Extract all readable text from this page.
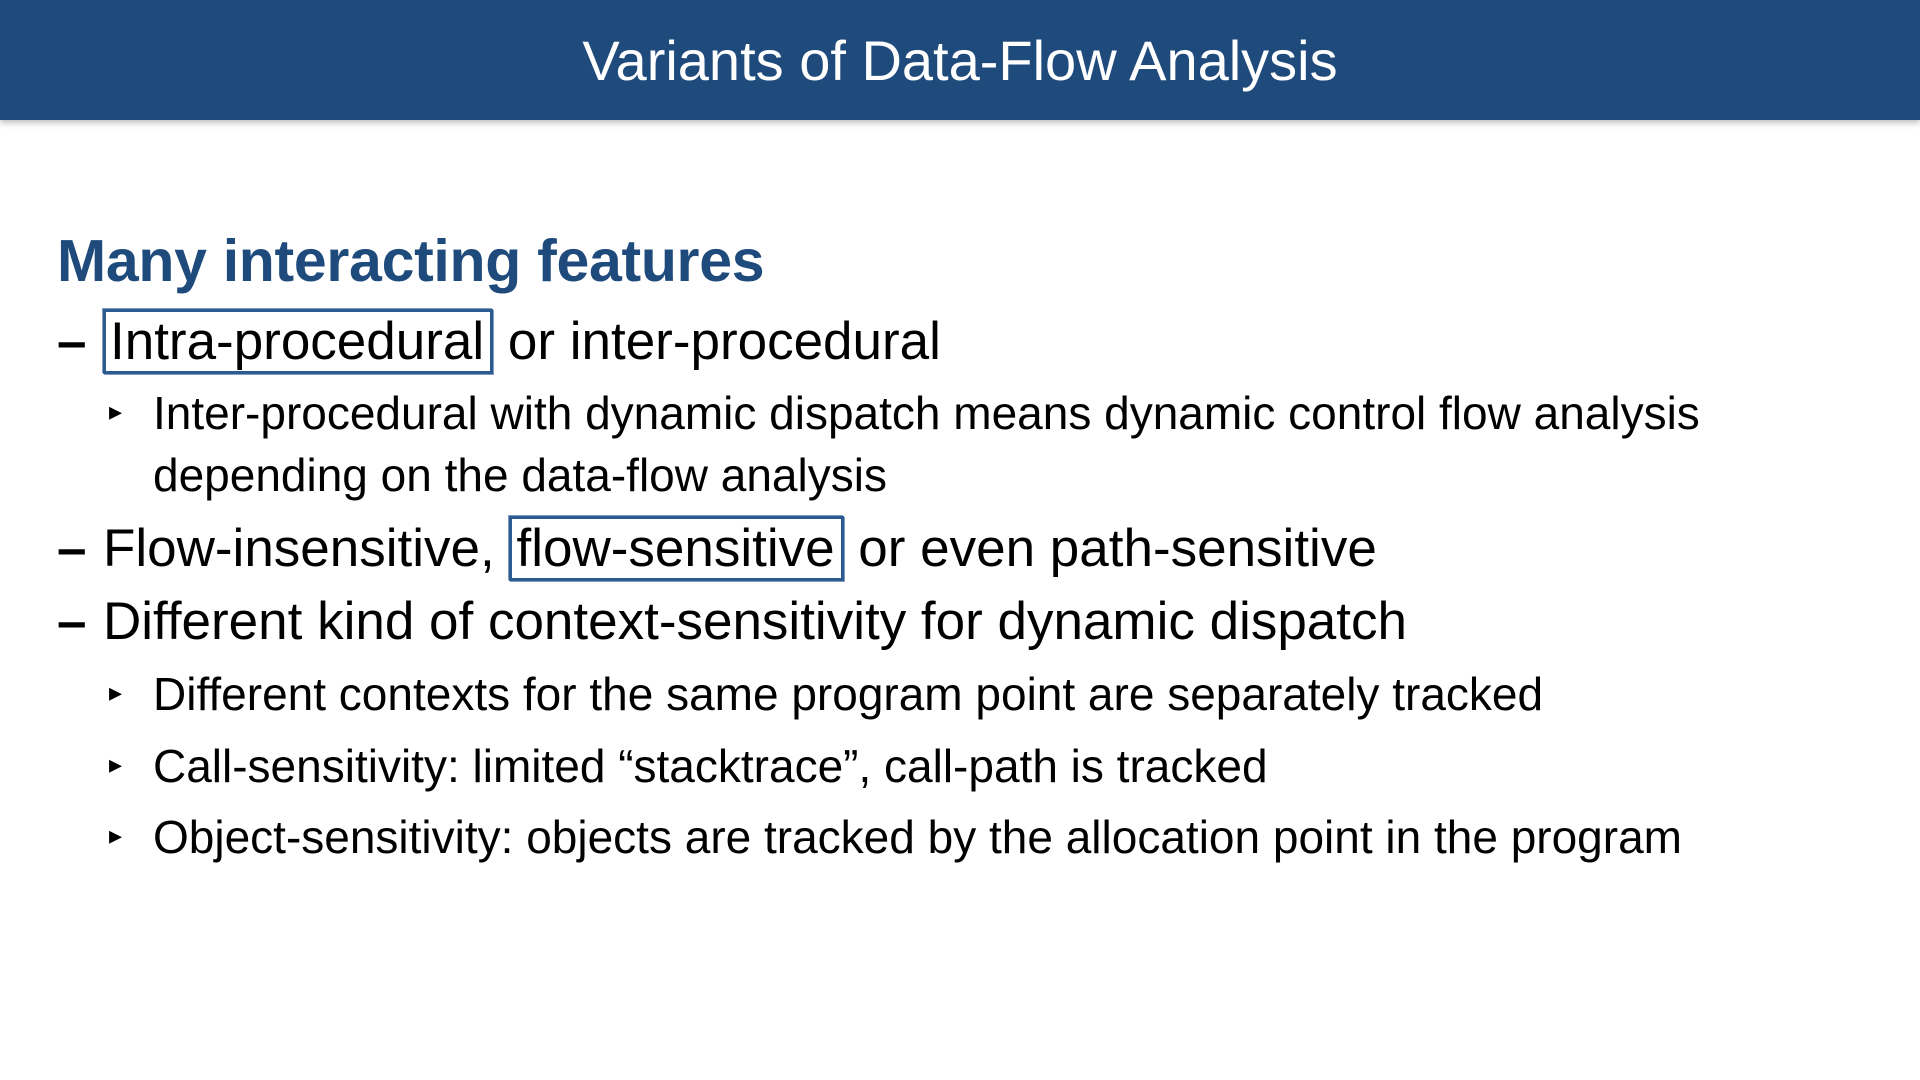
Variants of Data-Flow Analysis
Many interacting features
– Intra-procedural or inter-procedural
▸ Inter-procedural with dynamic dispatch means dynamic control flow analysis depending on the data-flow analysis
– Flow-insensitive, flow-sensitive or even path-sensitive
– Different kind of context-sensitivity for dynamic dispatch
▸ Different contexts for the same program point are separately tracked
▸ Call-sensitivity: limited “stacktrace”, call-path is tracked
▸ Object-sensitivity: objects are tracked by the allocation point in the program
